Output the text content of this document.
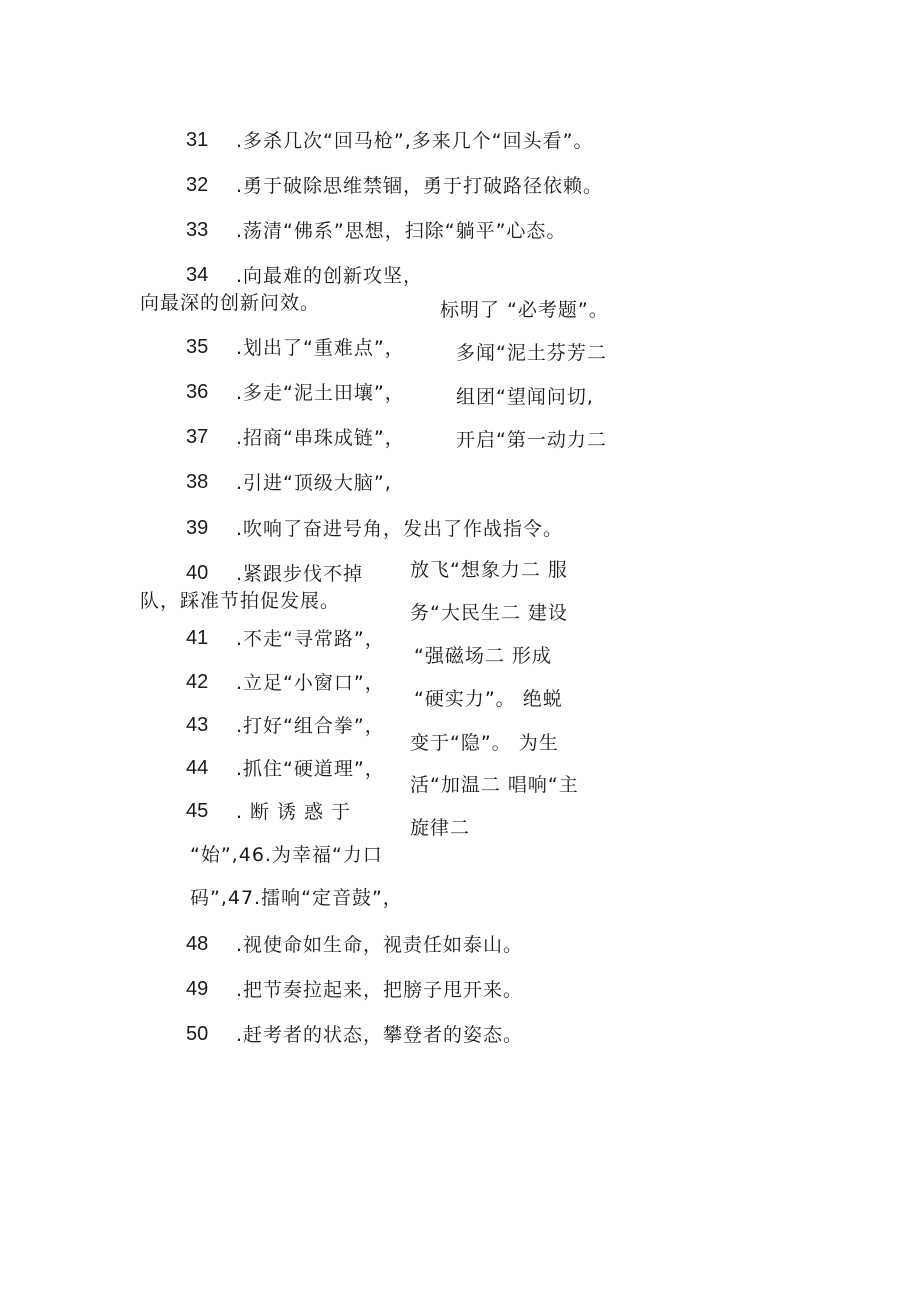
31 .多杀几次“回马枪”,多来几个“回头看”。
32 .勇于破除思维禁锢，勇于打破路径依赖。
33 .荡清“佛系”思想，扫除“躺平”心态。
34 .向最难的创新攻坚，
向最深的创新问效。	标明了 “必考题”。
35 .划出了“重难点”，	多闻“泥土芬芳二
36 .多走“泥土田壤”，	组团“望闻问切,
37 .招商“串珠成链”，	开启“第一动力二
38 .引进“顶级大脑”,
39 .吹响了奋进号角，发出了作战指令。
40 .紧跟步伐不掉
队，踩准节拍促发展。
41 .不走“寻常路”，
42 .立足“小窗口”，
43 .打好“组合拳”，
44 .抓住“硬道理”，
45 .断诱惑于
放飞“想象力二 服
务“大民生二 建设
“强磁场二 形成
“硬实力”。 绝蜕
变于“隐”。 为生
活“加温二 唱响“主
旋律二
“始”,46.为幸福“力口
码”,47.擂响“定音鼓”，
48 .视使命如生命，视责任如泰山。
49 .把节奏拉起来，把膀子甩开来。
50 .赶考者的状态，攀登者的姿态。
